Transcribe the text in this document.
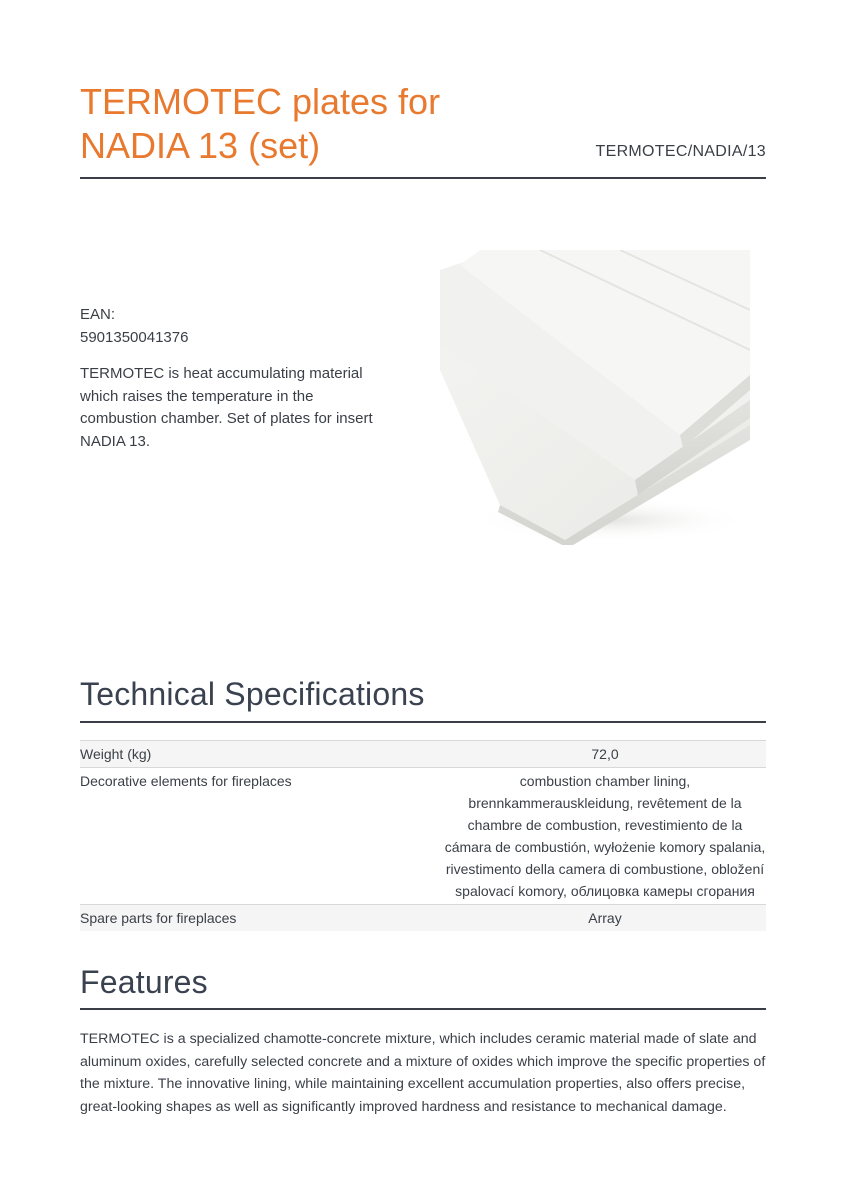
TERMOTEC plates for NADIA 13 (set)	TERMOTEC/NADIA/13
EAN:
5901350041376
TERMOTEC is heat accumulating material which raises the temperature in the combustion chamber. Set of plates for insert NADIA 13.
Technical Specifications
Weight (kg)	72,0
Decorative elements for fireplaces	combustion chamber lining, brennkammerauskleidung, revêtement de la chambre de combustion, revestimiento de la cámara de combustión, wyłożenie komory spalania, rivestimento della camera di combustione, obložení spalovací komory, облицовка камеры сгорания
Spare parts for fireplaces	Array
Features
TERMOTEC is a specialized chamotte-concrete mixture, which includes ceramic material made of slate and aluminum oxides, carefully selected concrete and a mixture of oxides which improve the specific properties of the mixture. The innovative lining, while maintaining excellent accumulation properties, also offers precise, great-looking shapes as well as significantly improved hardness and resistance to mechanical damage.
